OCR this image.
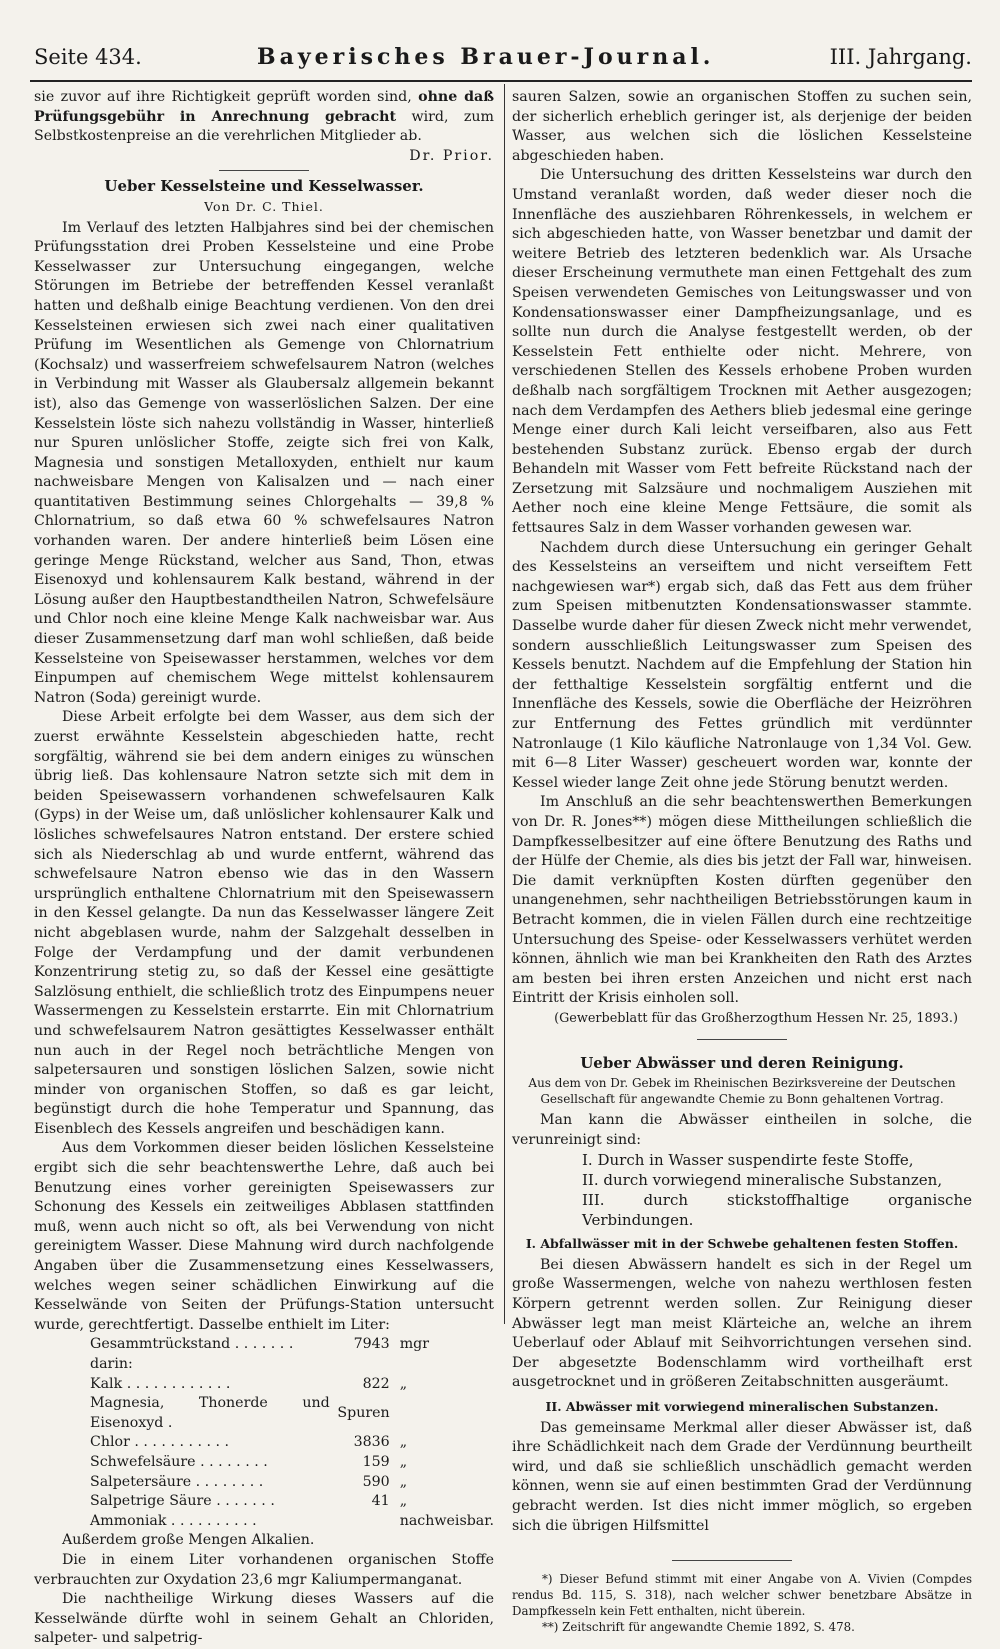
Seite 434.	Bayerisches Brauer-Journal.	III. Jahrgang.

sie zuvor auf ihre Richtigkeit geprüft worden sind, ohne daß Prüfungsgebühr in Anrechnung gebracht wird, zum Selbstkostenpreise an die verehrlichen Mitglieder ab.

Dr. Prior.
Ueber Kesselsteine und Kesselwasser.
Von Dr. C. Thiel.

Im Verlauf des letzten Halbjahres sind bei der chemischen Prüfungsstation drei Proben Kesselsteine und eine Probe Kesselwasser zur Untersuchung eingegangen, welche Störungen im Betriebe der betreffenden Kessel veranlaßt hatten und deßhalb einige Beachtung verdienen. Von den drei Kesselsteinen erwiesen sich zwei nach einer qualitativen Prüfung im Wesentlichen als Gemenge von Chlornatrium (Kochsalz) und wasserfreiem schwefelsaurem Natron (welches in Verbindung mit Wasser als Glaubersalz allgemein bekannt ist), also das Gemenge von wasserlöslichen Salzen. Der eine Kesselstein löste sich nahezu vollständig in Wasser, hinterließ nur Spuren unlöslicher Stoffe, zeigte sich frei von Kalk, Magnesia und sonstigen Metalloxyden, enthielt nur kaum nachweisbare Mengen von Kalisalzen und — nach einer quantitativen Bestimmung seines Chlorgehalts — 39,8 % Chlornatrium, so daß etwa 60 % schwefelsaures Natron vorhanden waren. Der andere hinterließ beim Lösen eine geringe Menge Rückstand, welcher aus Sand, Thon, etwas Eisenoxyd und kohlensaurem Kalk bestand, während in der Lösung außer den Hauptbestandtheilen Natron, Schwefelsäure und Chlor noch eine kleine Menge Kalk nachweisbar war. Aus dieser Zusammensetzung darf man wohl schließen, daß beide Kesselsteine von Speisewasser herstammen, welches vor dem Einpumpen auf chemischem Wege mittelst kohlensaurem Natron (Soda) gereinigt wurde.

Diese Arbeit erfolgte bei dem Wasser, aus dem sich der zuerst erwähnte Kesselstein abgeschieden hatte, recht sorgfältig, während sie bei dem andern einiges zu wünschen übrig ließ. Das kohlensaure Natron setzte sich mit dem in beiden Speisewassern vorhandenen schwefelsauren Kalk (Gyps) in der Weise um, daß unlöslicher kohlensaurer Kalk und lösliches schwefelsaures Natron entstand. Der erstere schied sich als Niederschlag ab und wurde entfernt, während das schwefelsaure Natron ebenso wie das in den Wassern ursprünglich enthaltene Chlornatrium mit den Speisewassern in den Kessel gelangte. Da nun das Kesselwasser längere Zeit nicht abgeblasen wurde, nahm der Salzgehalt desselben in Folge der Verdampfung und der damit verbundenen Konzentrirung stetig zu, so daß der Kessel eine gesättigte Salzlösung enthielt, die schließlich trotz des Einpumpens neuer Wassermengen zu Kesselstein erstarrte. Ein mit Chlornatrium und schwefelsaurem Natron gesättigtes Kesselwasser enthält nun auch in der Regel noch beträchtliche Mengen von salpetersauren und sonstigen löslichen Salzen, sowie nicht minder von organischen Stoffen, so daß es gar leicht, begünstigt durch die hohe Temperatur und Spannung, das Eisenblech des Kessels angreifen und beschädigen kann.

Aus dem Vorkommen dieser beiden löslichen Kesselsteine ergibt sich die sehr beachtenswerthe Lehre, daß auch bei Benutzung eines vorher gereinigten Speisewassers zur Schonung des Kessels ein zeitweiliges Abblasen stattfinden muß, wenn auch nicht so oft, als bei Verwendung von nicht gereinigtem Wasser. Diese Mahnung wird durch nachfolgende Angaben über die Zusammensetzung eines Kesselwassers, welches wegen seiner schädlichen Einwirkung auf die Kesselwände von Seiten der Prüfungs-Station untersucht wurde, gerechtfertigt. Dasselbe enthielt im Liter:

Gesammtrückstand . . . . . . .	7943	mgr
darin:		
Kalk . . . . . . . . . . . .	822	„
Magnesia, Thonerde und Eisenoxyd .	Spuren	
Chlor . . . . . . . . . . .	3836	„
Schwefelsäure . . . . . . . .	159	„
Salpetersäure . . . . . . . .	590	„
Salpetrige Säure . . . . . . .	41	„
Ammoniak . . . . . . . . . .		nachweisbar.

Außerdem große Mengen Alkalien.

Die in einem Liter vorhandenen organischen Stoffe verbrauchten zur Oxydation 23,6 mgr Kaliumpermanganat.

Die nachtheilige Wirkung dieses Wassers auf die Kesselwände dürfte wohl in seinem Gehalt an Chloriden, salpeter- und salpetrig-

sauren Salzen, sowie an organischen Stoffen zu suchen sein, der sicherlich erheblich geringer ist, als derjenige der beiden Wasser, aus welchen sich die löslichen Kesselsteine abgeschieden haben.

Die Untersuchung des dritten Kesselsteins war durch den Umstand veranlaßt worden, daß weder dieser noch die Innenfläche des ausziehbaren Röhrenkessels, in welchem er sich abgeschieden hatte, von Wasser benetzbar und damit der weitere Betrieb des letzteren bedenklich war. Als Ursache dieser Erscheinung vermuthete man einen Fettgehalt des zum Speisen verwendeten Gemisches von Leitungswasser und von Kondensationswasser einer Dampfheizungsanlage, und es sollte nun durch die Analyse festgestellt werden, ob der Kesselstein Fett enthielte oder nicht. Mehrere, von verschiedenen Stellen des Kessels erhobene Proben wurden deßhalb nach sorgfältigem Trocknen mit Aether ausgezogen; nach dem Verdampfen des Aethers blieb jedesmal eine geringe Menge einer durch Kali leicht verseifbaren, also aus Fett bestehenden Substanz zurück. Ebenso ergab der durch Behandeln mit Wasser vom Fett befreite Rückstand nach der Zersetzung mit Salzsäure und nochmaligem Ausziehen mit Aether noch eine kleine Menge Fettsäure, die somit als fettsaures Salz in dem Wasser vorhanden gewesen war.

Nachdem durch diese Untersuchung ein geringer Gehalt des Kesselsteins an verseiftem und nicht verseiftem Fett nachgewiesen war*) ergab sich, daß das Fett aus dem früher zum Speisen mitbenutzten Kondensationswasser stammte. Dasselbe wurde daher für diesen Zweck nicht mehr verwendet, sondern ausschließlich Leitungswasser zum Speisen des Kessels benutzt. Nachdem auf die Empfehlung der Station hin der fetthaltige Kesselstein sorgfältig entfernt und die Innenfläche des Kessels, sowie die Oberfläche der Heizröhren zur Entfernung des Fettes gründlich mit verdünnter Natronlauge (1 Kilo käufliche Natronlauge von 1,34 Vol. Gew. mit 6—8 Liter Wasser) gescheuert worden war, konnte der Kessel wieder lange Zeit ohne jede Störung benutzt werden.

Im Anschluß an die sehr beachtenswerthen Bemerkungen von Dr. R. Jones**) mögen diese Mittheilungen schließlich die Dampfkesselbesitzer auf eine öftere Benutzung des Raths und der Hülfe der Chemie, als dies bis jetzt der Fall war, hinweisen. Die damit verknüpften Kosten dürften gegenüber den unangenehmen, sehr nachtheiligen Betriebsstörungen kaum in Betracht kommen, die in vielen Fällen durch eine rechtzeitige Untersuchung des Speise- oder Kesselwassers verhütet werden können, ähnlich wie man bei Krankheiten den Rath des Arztes am besten bei ihren ersten Anzeichen und nicht erst nach Eintritt der Krisis einholen soll.

(Gewerbeblatt für das Großherzogthum Hessen Nr. 25, 1893.)
Ueber Abwässer und deren Reinigung.
Aus dem von Dr. Gebek im Rheinischen Bezirksvereine der Deutschen Gesellschaft für angewandte Chemie zu Bonn gehaltenen Vortrag.

Man kann die Abwässer eintheilen in solche, die verunreinigt sind:

I. Durch in Wasser suspendirte feste Stoffe,
II. durch vorwiegend mineralische Substanzen,
III. durch stickstoffhaltige organische Verbindungen.
I. Abfallwässer mit in der Schwebe gehaltenen festen Stoffen.

Bei diesen Abwässern handelt es sich in der Regel um große Wassermengen, welche von nahezu werthlosen festen Körpern getrennt werden sollen. Zur Reinigung dieser Abwässer legt man meist Klärteiche an, welche an ihrem Ueberlauf oder Ablauf mit Seihvorrichtungen versehen sind. Der abgesetzte Bodenschlamm wird vortheilhaft erst ausgetrocknet und in größeren Zeitabschnitten ausgeräumt.

II. Abwässer mit vorwiegend mineralischen Substanzen.

Das gemeinsame Merkmal aller dieser Abwässer ist, daß ihre Schädlichkeit nach dem Grade der Verdünnung beurtheilt wird, und daß sie schließlich unschädlich gemacht werden können, wenn sie auf einen bestimmten Grad der Verdünnung gebracht werden. Ist dies nicht immer möglich, so ergeben sich die übrigen Hilfsmittel

*) Dieser Befund stimmt mit einer Angabe von A. Vivien (Compdes rendus Bd. 115, S. 318), nach welcher schwer benetzbare Absätze in Dampfkesseln kein Fett enthalten, nicht überein.

**) Zeitschrift für angewandte Chemie 1892, S. 478.
